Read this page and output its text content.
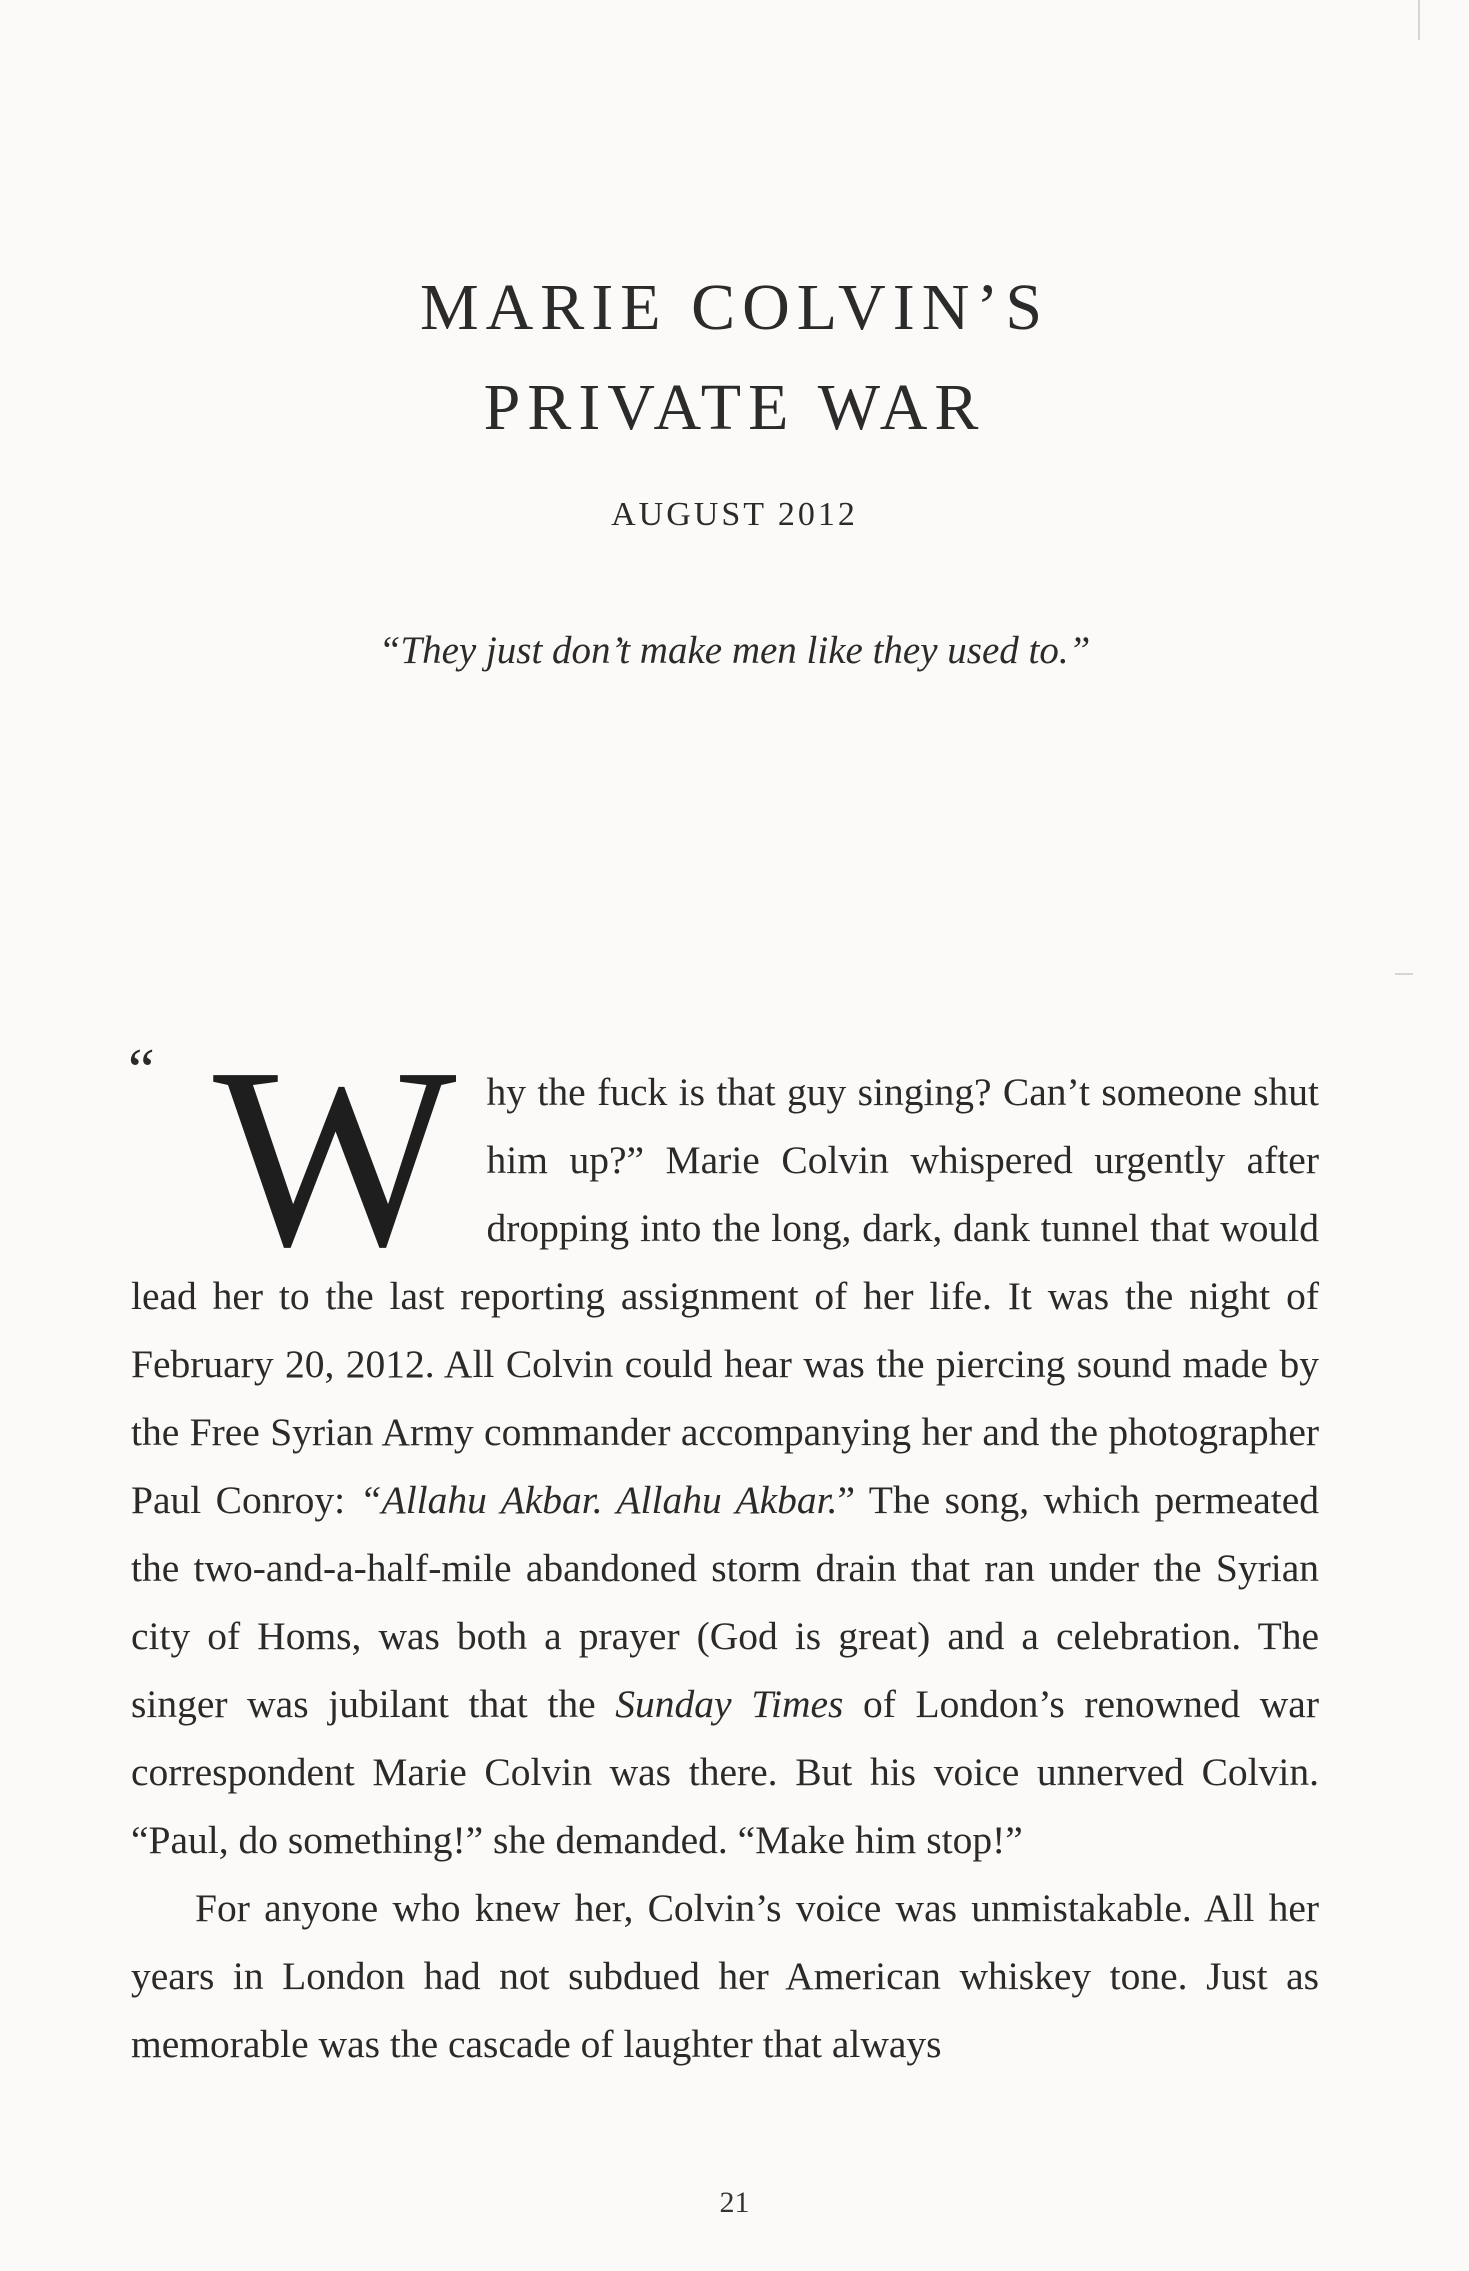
MARIE COLVIN’S
PRIVATE WAR
AUGUST 2012
“They just don’t make men like they used to.”
“ Why the fuck is that guy singing? Can’t someone shut him up?” Marie Colvin whispered urgently after dropping into the long, dark, dank tunnel that would lead her to the last reporting assignment of her life. It was the night of February 20, 2012. All Colvin could hear was the piercing sound made by the Free Syrian Army commander accompanying her and the photographer Paul Conroy: “Allahu Akbar. Allahu Akbar.” The song, which permeated the two-and-a-half-mile abandoned storm drain that ran under the Syrian city of Homs, was both a prayer (God is great) and a celebration. The singer was jubilant that the Sunday Times of London’s renowned war correspondent Marie Colvin was there. But his voice unnerved Colvin. “Paul, do something!” she demanded. “Make him stop!”

For anyone who knew her, Colvin’s voice was unmistakable. All her years in London had not subdued her American whiskey tone. Just as memorable was the cascade of laughter that always

21
